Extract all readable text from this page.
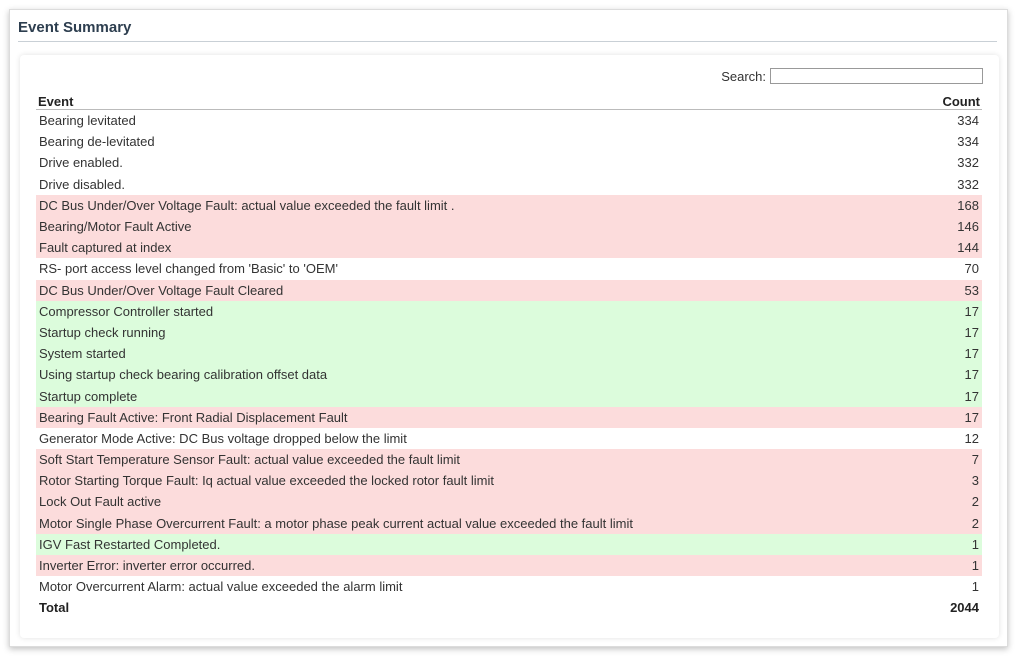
Event Summary
Search:
Event	Count
Bearing levitated	334
Bearing de-levitated	334
Drive enabled.	332
Drive disabled.	332
DC Bus Under/Over Voltage Fault: actual value exceeded the fault limit .	168
Bearing/Motor Fault Active	146
Fault captured at index	144
RS- port access level changed from 'Basic' to 'OEM'	70
DC Bus Under/Over Voltage Fault Cleared	53
Compressor Controller started	17
Startup check running	17
System started	17
Using startup check bearing calibration offset data	17
Startup complete	17
Bearing Fault Active: Front Radial Displacement Fault	17
Generator Mode Active: DC Bus voltage dropped below the limit	12
Soft Start Temperature Sensor Fault: actual value exceeded the fault limit	7
Rotor Starting Torque Fault: Iq actual value exceeded the locked rotor fault limit	3
Lock Out Fault active	2
Motor Single Phase Overcurrent Fault: a motor phase peak current actual value exceeded the fault limit	2
IGV Fast Restarted Completed.	1
Inverter Error: inverter error occurred.	1
Motor Overcurrent Alarm: actual value exceeded the alarm limit	1
Total	2044
